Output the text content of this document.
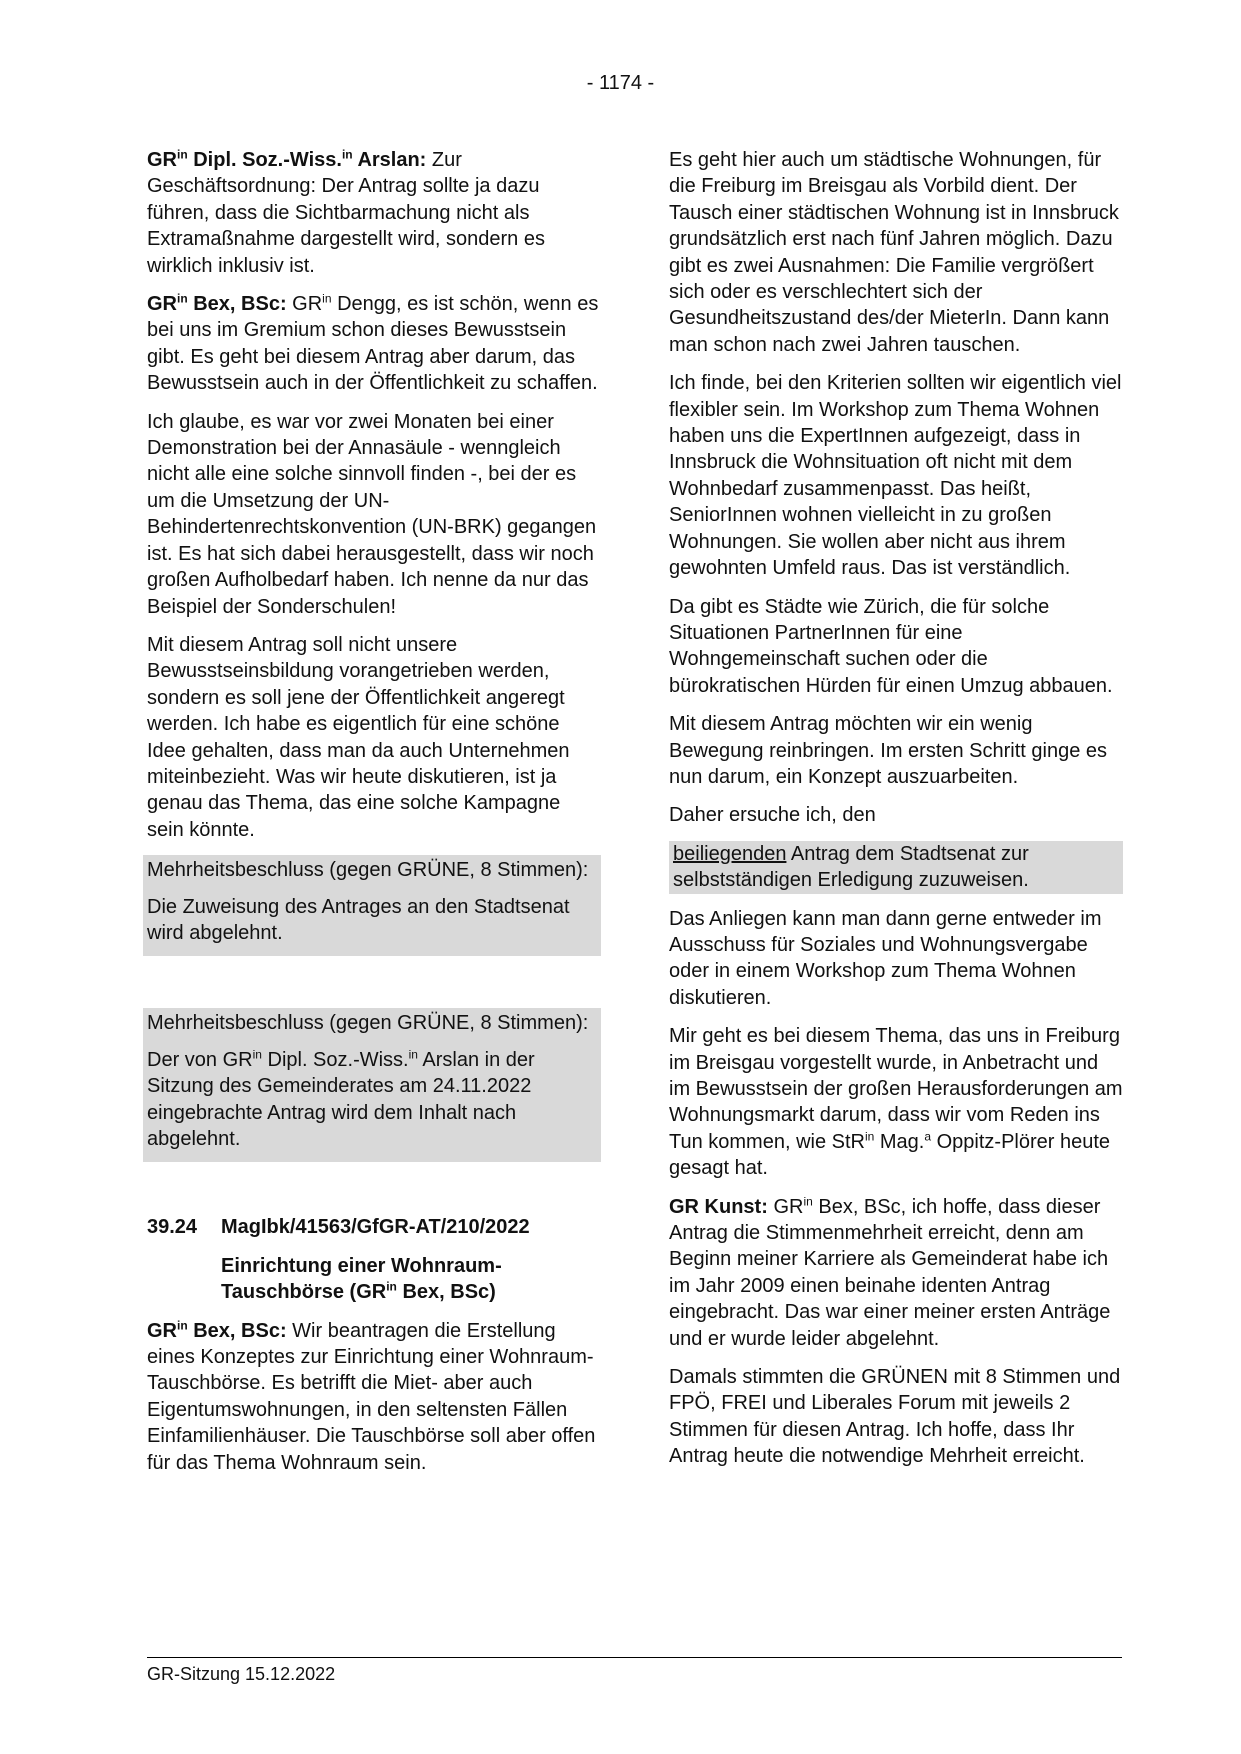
- 1174 -

$GR^{in}$ Dipl. Soz.-Wiss.$^{in}$ Arslan: Zur Geschäftsordnung: Der Antrag sollte ja dazu führen, dass die Sichtbarmachung nicht als Extramaßnahme dargestellt wird, sondern es wirklich inklusiv ist.

$GR^{in}$ Bex, BSc: $GR^{in}$ Dengg, es ist schön, wenn es bei uns im Gremium schon dieses Bewusstsein gibt. Es geht bei diesem Antrag aber darum, das Bewusstsein auch in der Öffentlichkeit zu schaffen.

Ich glaube, es war vor zwei Monaten bei einer Demonstration bei der Annasäule - wenngleich nicht alle eine solche sinnvoll finden -, bei der es um die Umsetzung der UN-Behindertenrechtskonvention (UN-BRK) gegangen ist. Es hat sich dabei herausgestellt, dass wir noch großen Aufholbedarf haben. Ich nenne da nur das Beispiel der Sonderschulen!

Mit diesem Antrag soll nicht unsere Bewusstseinsbildung vorangetrieben werden, sondern es soll jene der Öffentlichkeit angeregt werden. Ich habe es eigentlich für eine schöne Idee gehalten, dass man da auch Unternehmen miteinbezieht. Was wir heute diskutieren, ist ja genau das Thema, das eine solche Kampagne sein könnte.

Mehrheitsbeschluss (gegen GRÜNE, 8 Stimmen):

Die Zuweisung des Antrages an den Stadtsenat wird abgelehnt.

Mehrheitsbeschluss (gegen GRÜNE, 8 Stimmen):

Der von $GR^{in}$ Dipl. Soz.-Wiss.$^{in}$ Arslan in der Sitzung des Gemeinderates am 24.11.2022 eingebrachte Antrag wird dem Inhalt nach abgelehnt.

39.24 MagIbk/41563/GfGR-AT/210/2022

Einrichtung einer Wohnraum-Tauschbörse ($GR^{in}$ Bex, BSc)

$GR^{in}$ Bex, BSc: Wir beantragen die Erstellung eines Konzeptes zur Einrichtung einer Wohnraum-Tauschbörse. Es betrifft die Miet- aber auch Eigentumswohnungen, in den seltensten Fällen Einfamilienhäuser. Die Tauschbörse soll aber offen für das Thema Wohnraum sein.

Es geht hier auch um städtische Wohnungen, für die Freiburg im Breisgau als Vorbild dient. Der Tausch einer städtischen Wohnung ist in Innsbruck grundsätzlich erst nach fünf Jahren möglich. Dazu gibt es zwei Ausnahmen: Die Familie vergrößert sich oder es verschlechtert sich der Gesundheitszustand des/der MieterIn. Dann kann man schon nach zwei Jahren tauschen.

Ich finde, bei den Kriterien sollten wir eigentlich viel flexibler sein. Im Workshop zum Thema Wohnen haben uns die ExpertInnen aufgezeigt, dass in Innsbruck die Wohnsituation oft nicht mit dem Wohnbedarf zusammenpasst. Das heißt, SeniorInnen wohnen vielleicht in zu großen Wohnungen. Sie wollen aber nicht aus ihrem gewohnten Umfeld raus. Das ist verständlich.

Da gibt es Städte wie Zürich, die für solche Situationen PartnerInnen für eine Wohngemeinschaft suchen oder die bürokratischen Hürden für einen Umzug abbauen.

Mit diesem Antrag möchten wir ein wenig Bewegung reinbringen. Im ersten Schritt ginge es nun darum, ein Konzept auszuarbeiten.

Daher ersuche ich, den

beiliegenden Antrag dem Stadtsenat zur selbstständigen Erledigung zuzuweisen.

Das Anliegen kann man dann gerne entweder im Ausschuss für Soziales und Wohnungsvergabe oder in einem Workshop zum Thema Wohnen diskutieren.

Mir geht es bei diesem Thema, das uns in Freiburg im Breisgau vorgestellt wurde, in Anbetracht und im Bewusstsein der großen Herausforderungen am Wohnungsmarkt darum, dass wir vom Reden ins Tun kommen, wie StR$^{in}$ Mag.$^a$ Oppitz-Plörer heute gesagt hat.

GR Kunst: $GR^{in}$ Bex, BSc, ich hoffe, dass dieser Antrag die Stimmenmehrheit erreicht, denn am Beginn meiner Karriere als Gemeinderat habe ich im Jahr 2009 einen beinahe identen Antrag eingebracht. Das war einer meiner ersten Anträge und er wurde leider abgelehnt.

Damals stimmten die GRÜNEN mit 8 Stimmen und FPÖ, FREI und Liberales Forum mit jeweils 2 Stimmen für diesen Antrag. Ich hoffe, dass Ihr Antrag heute die notwendige Mehrheit erreicht.

GR-Sitzung 15.12.2022
